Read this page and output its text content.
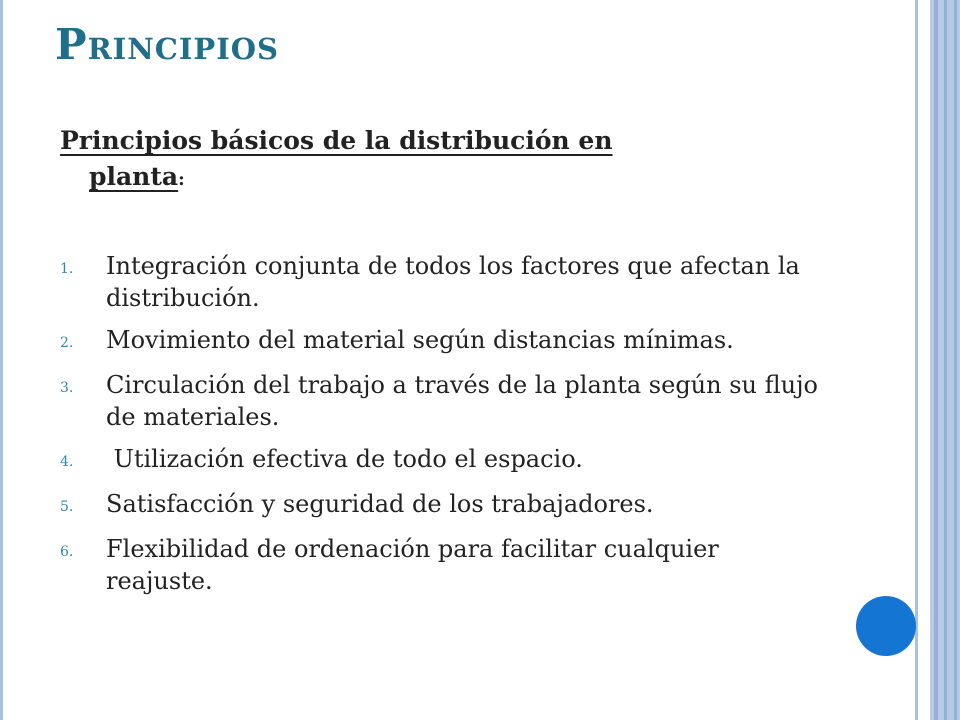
Principios

Principios básicos de la distribución en
planta:

1.	Integración conjunta de todos los factores que afectan la distribución.
2.	Movimiento del material según distancias mínimas.
3.	Circulación del trabajo a través de la planta según su flujo de materiales.
4.	Utilización efectiva de todo el espacio.
5.	Satisfacción y seguridad de los trabajadores.
6.	Flexibilidad de ordenación para facilitar cualquier reajuste.
